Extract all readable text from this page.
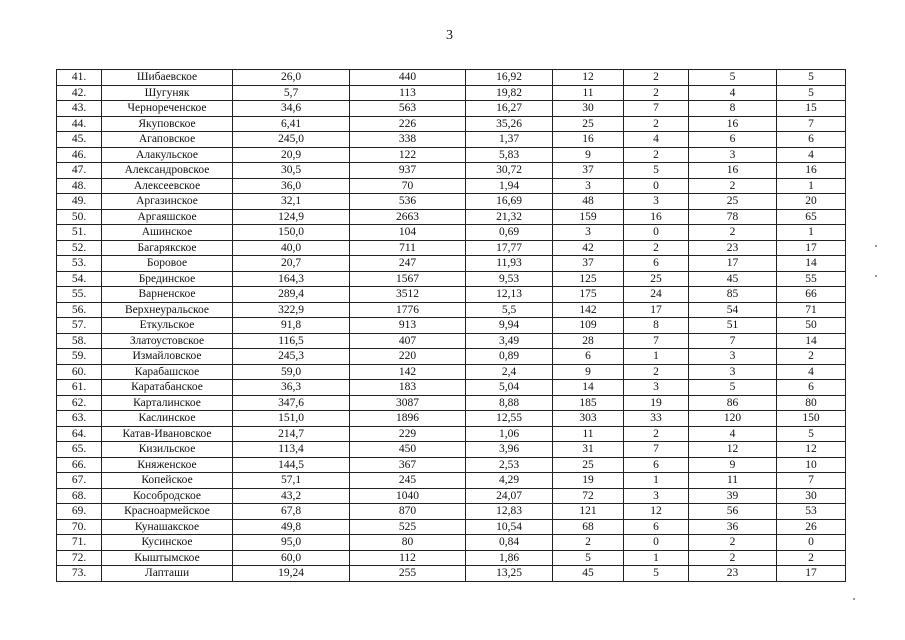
3
41.	Шибаевское	26,0	440	16,92	12	2	5	5
42.	Шугуняк	5,7	113	19,82	11	2	4	5
43.	Чернореченское	34,6	563	16,27	30	7	8	15
44.	Якуповское	6,41	226	35,26	25	2	16	7
45.	Агаповское	245,0	338	1,37	16	4	6	6
46.	Алакульское	20,9	122	5,83	9	2	3	4
47.	Александровское	30,5	937	30,72	37	5	16	16
48.	Алексеевское	36,0	70	1,94	3	0	2	1
49.	Аргазинское	32,1	536	16,69	48	3	25	20
50.	Аргаяшское	124,9	2663	21,32	159	16	78	65
51.	Ашинское	150,0	104	0,69	3	0	2	1
52.	Багарякское	40,0	711	17,77	42	2	23	17
53.	Боровое	20,7	247	11,93	37	6	17	14
54.	Брединское	164,3	1567	9,53	125	25	45	55
55.	Варненское	289,4	3512	12,13	175	24	85	66
56.	Верхнеуральское	322,9	1776	5,5	142	17	54	71
57.	Еткульское	91,8	913	9,94	109	8	51	50
58.	Златоустовское	116,5	407	3,49	28	7	7	14
59.	Измайловское	245,3	220	0,89	6	1	3	2
60.	Карабашское	59,0	142	2,4	9	2	3	4
61.	Каратабанское	36,3	183	5,04	14	3	5	6
62.	Карталинское	347,6	3087	8,88	185	19	86	80
63.	Каслинское	151,0	1896	12,55	303	33	120	150
64.	Катав-Ивановское	214,7	229	1,06	11	2	4	5
65.	Кизильское	113,4	450	3,96	31	7	12	12
66.	Княженское	144,5	367	2,53	25	6	9	10
67.	Копейское	57,1	245	4,29	19	1	11	7
68.	Кособродское	43,2	1040	24,07	72	3	39	30
69.	Красноармейское	67,8	870	12,83	121	12	56	53
70.	Кунашакское	49,8	525	10,54	68	6	36	26
71.	Кусинское	95,0	80	0,84	2	0	2	0
72.	Кыштымское	60,0	112	1,86	5	1	2	2
73.	Лапташи	19,24	255	13,25	45	5	23	17
